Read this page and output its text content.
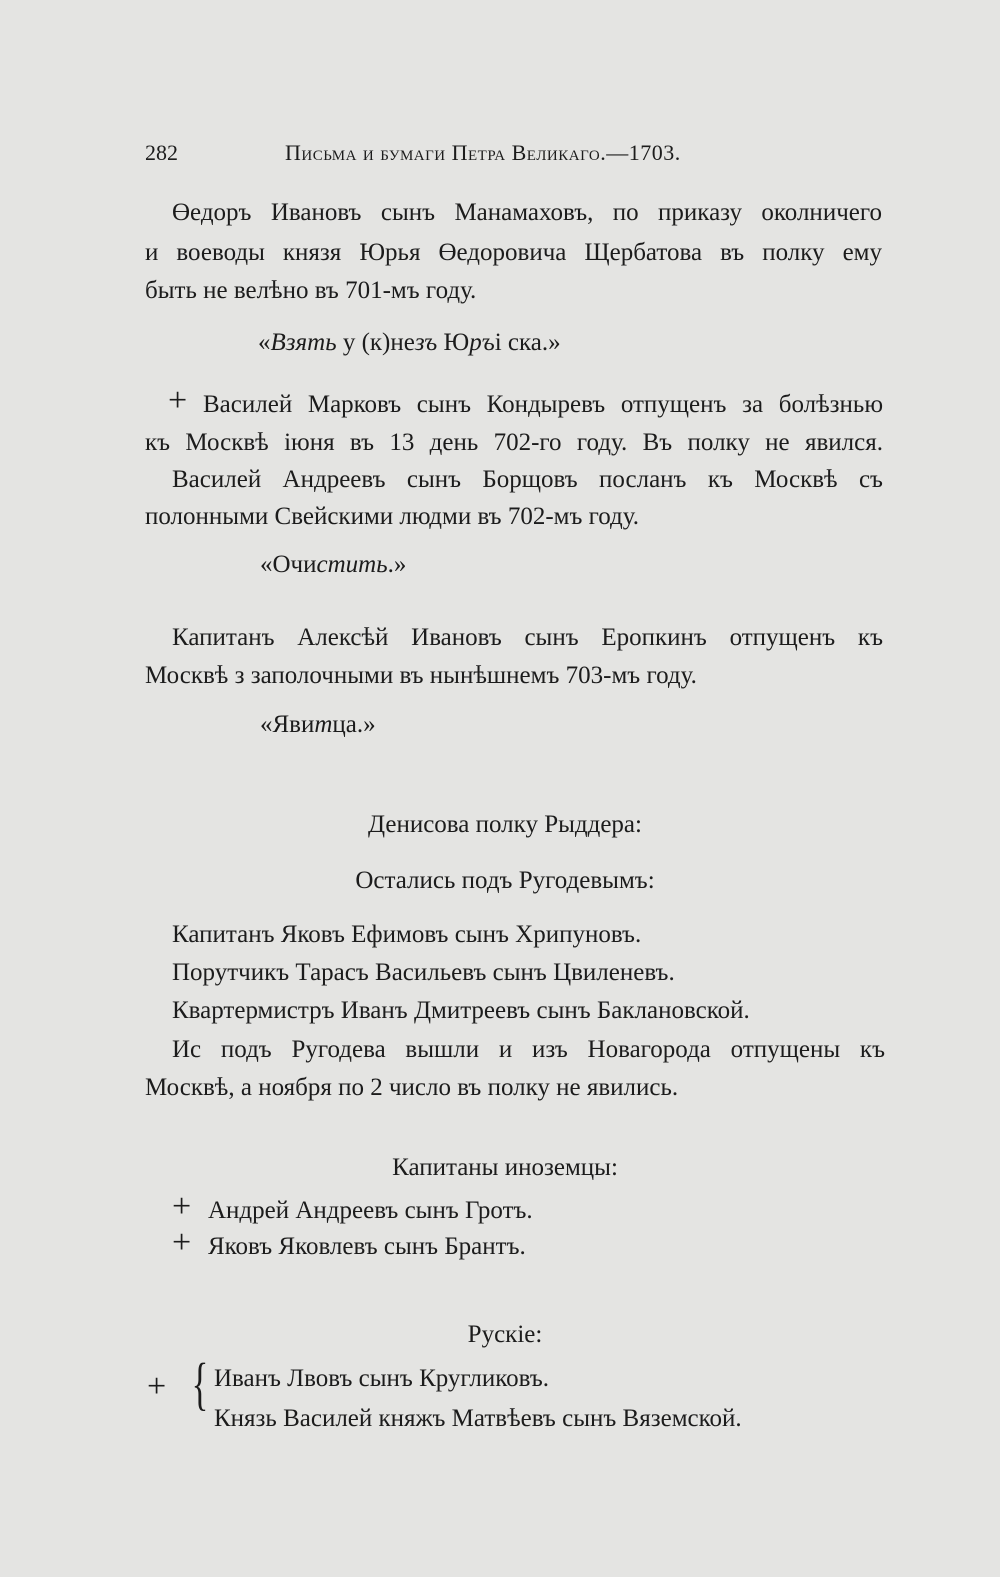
282	Письма и бумаги Петра Великаго.—1703.
Өедоръ Ивановъ сынъ Манамаховъ, по приказу околничего
и воеводы князя Юрья Өедоровича Щербатова въ полку ему
быть не велѣно въ 701-мъ году.
«Взять у (к)незъ Юръі ска.»
+ Василей Марковъ сынъ Кондыревъ отпущенъ за болѣзнью
къ Москвѣ іюня въ 13 день 702-го году. Въ полку не явился.
Василей Андреевъ сынъ Борщовъ посланъ къ Москвѣ съ
полонными Свейскими людми въ 702-мъ году.
«Очистить.»
Капитанъ Алексѣй Ивановъ сынъ Еропкинъ отпущенъ къ
Москвѣ з заполочными въ нынѣшнемъ 703-мъ году.
«Явитца.»
Денисова полку Рыддера:
Остались подъ Ругодевымъ:
Капитанъ Яковъ Ефимовъ сынъ Хрипуновъ.
Порутчикъ Тарасъ Васильевъ сынъ Цвиленевъ.
Квартермистръ Иванъ Дмитреевъ сынъ Баклановской.
Ис подъ Ругодева вышли и изъ Новагорода отпущены къ
Москвѣ, а ноября по 2 число въ полку не явились.
Капитаны иноземцы:
+ Андрей Андреевъ сынъ Гротъ.
+ Яковъ Яковлевъ сынъ Брантъ.
Рускіе:
+ { Иванъ Лвовъ сынъ Кругликовъ.
Князь Василей княжъ Матвѣевъ сынъ Вяземской.
